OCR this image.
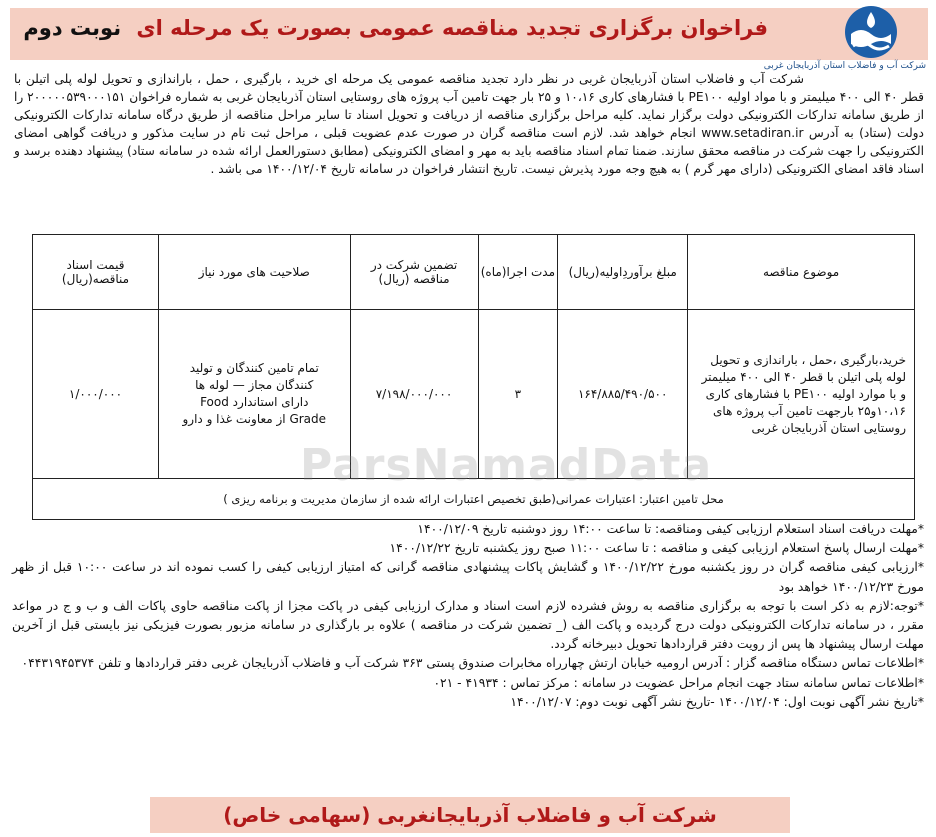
فراخوان برگزاری تجدید مناقصه عمومی بصورت یک مرحله ای نوبت دوم
شرکت آب و فاضلاب استان آذربایجان غربی
شرکت آب و فاضلاب استان آذربایجان غربی در نظر دارد تجدید مناقصه عمومی یک مرحله ای خرید ، بارگیری ، حمل ، باراندازی و تحویل لوله پلی اتیلن با قطر ۴۰ الی ۴۰۰ میلیمتر و با مواد اولیه PE۱۰۰ با فشارهای کاری ۱۰،۱۶ و ۲۵ بار جهت تامین آب پروژه های روستایی استان آذربایجان غربی به شماره فراخوان ۲۰۰۰۰۰۵۳۹۰۰۰۱۵۱ را از طریق سامانه تدارکات الکترونیکی دولت برگزار نماید. کلیه مراحل برگزاری مناقصه از دریافت و تحویل اسناد تا سایر مراحل مناقصه از طریق درگاه سامانه تدارکات الکترونیکی دولت (ستاد) به آدرس www.setadiran.ir انجام خواهد شد. لازم است مناقصه گران در صورت عدم عضویت قبلی ، مراحل ثبت نام در سایت مذکور و دریافت گواهی امضای الکترونیکی را جهت شرکت در مناقصه محقق سازند. ضمنا تمام اسناد مناقصه باید به مهر و امضای الکترونیکی (مطابق دستورالعمل ارائه شده در سامانه ستاد) پیشنهاد دهنده برسد و اسناد فاقد امضای الکترونیکی (دارای مهر گرم ) به هیچ وجه مورد پذیرش نیست. تاریخ انتشار فراخوان در سامانه تاریخ ۱۴۰۰/۱۲/۰۴ می باشد .
موضوع مناقصه	مبلغ برآوردِاولیه(ریال)	مدت اجرا(ماه)	تضمین شرکت در مناقصه (ریال)	صلاحیت های مورد نیاز	قیمت اسناد مناقصه(ریال)
خرید،بارگیری ،حمل ، باراندازی و تحویل لوله پلی اتیلن با قطر ۴۰ الی ۴۰۰ میلیمتر و با موارد اولیه PE۱۰۰ با فشارهای کاری ۱۰،۱۶و۲۵ بارجهت تامین آب پروژه های روستایی استان آذربایجان غربی	۱۶۴/۸۸۵/۴۹۰/۵۰۰	۳	۷/۱۹۸/۰۰۰/۰۰۰	تمام تامین کنندگان و تولید کنندگان مجاز — لوله ها دارای استاندارد Food Grade از معاونت غذا و دارو	۱/۰۰۰/۰۰۰
محل تامین اعتبار: اعتبارات عمرانی(طبق تخصیص اعتبارات ارائه شده از سازمان مدیریت و برنامه ریزی )					
ParsNamadData

*مهلت دریافت اسناد استعلام ارزیابی کیفی ومناقصه: تا ساعت ۱۴:۰۰ روز دوشنبه تاریخ ۱۴۰۰/۱۲/۰۹

*مهلت ارسال پاسخ استعلام ارزیابی کیفی و مناقصه : تا ساعت ۱۱:۰۰ صبح روز یکشنبه تاریخ ۱۴۰۰/۱۲/۲۲

*ارزیابی کیفی مناقصه گران در روز یکشنبه مورخ ۱۴۰۰/۱۲/۲۲ و گشایش پاکات پیشنهادی مناقصه گرانی که امتیاز ارزیابی کیفی را کسب نموده اند در ساعت ۱۰:۰۰ قبل از ظهر مورخ ۱۴۰۰/۱۲/۲۳ خواهد بود

*توجه:لازم به ذکر است با توجه به برگزاری مناقصه به روش فشرده لازم است اسناد و مدارک ارزیابی کیفی در پاکت مجزا از پاکت مناقصه حاوی پاکات الف و ب و ج در مواعد مقرر ، در سامانه تدارکات الکترونیکی دولت درج گردیده و پاکت الف (_ تضمین شرکت در مناقصه ) علاوه بر بارگذاری در سامانه مزبور بصورت فیزیکی نیز بایستی قبل از آخرین مهلت ارسال پیشنهاد ها پس از رویت دفتر قراردادها تحویل دبیرخانه گردد.

*اطلاعات تماس دستگاه مناقصه گزار : آدرس ارومیه خیابان ارتش چهارراه مخابرات صندوق پستی ۳۶۳ شرکت آب و فاضلاب آذربایجان غربی دفتر قراردادها و تلفن ۰۴۴۳۱۹۴۵۳۷۴

*اطلاعات تماس سامانه ستاد جهت انجام مراحل عضویت در سامانه : مرکز تماس : ۴۱۹۳۴ - ۰۲۱

*تاریخ نشر آگهی نوبت اول: ۱۴۰۰/۱۲/۰۴ -تاریخ نشر آگهی نوبت دوم: ۱۴۰۰/۱۲/۰۷

شرکت آب و فاضلاب آذربایجانغربی (سهامی خاص)
